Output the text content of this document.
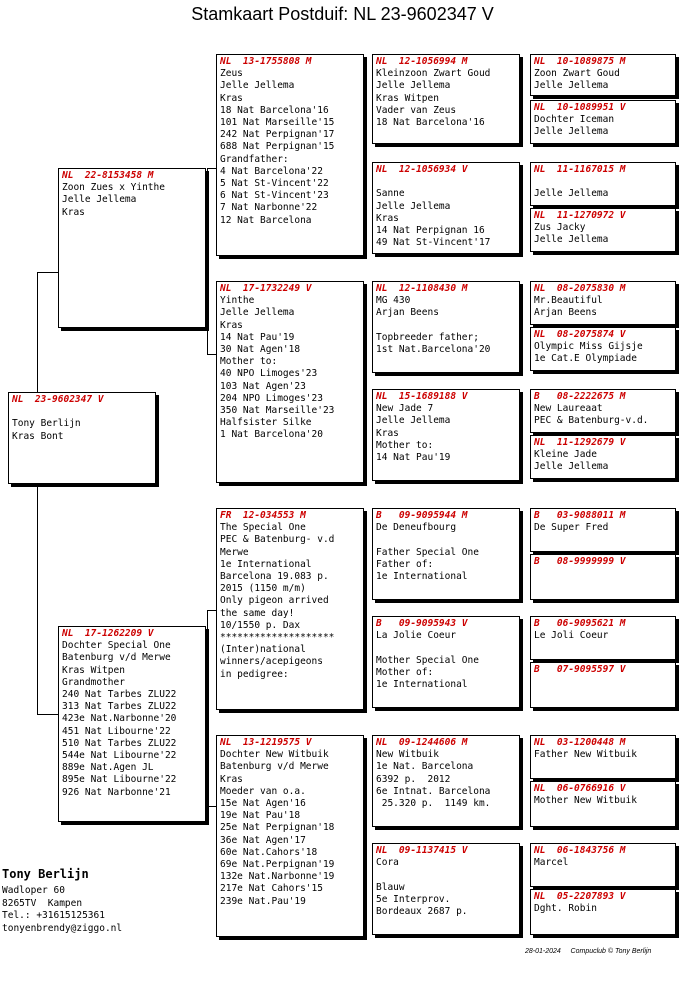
Stamkaart Postduif: NL 23-9602347 V
NL  23-9602347 V
Tony Berlijn
Kras Bont
NL  22-8153458 M
Zoon Zues x Yinthe
Jelle Jellema
Kras
NL  17-1262209 V
Dochter Special One
Batenburg v/d Merwe
Kras Witpen
Grandmother
240 Nat Tarbes ZLU22
313 Nat Tarbes ZLU22
423e Nat.Narbonne'20
451 Nat Libourne'22
510 Nat Tarbes ZLU22
544e Nat Libourne'22
889e Nat.Agen JL
895e Nat Libourne'22
926 Nat Narbonne'21
NL  13-1755808 M
Zeus
Jelle Jellema
Kras
18 Nat Barcelona'16
101 Nat Marseille'15
242 Nat Perpignan'17
688 Nat Perpignan'15
Grandfather:
4 Nat Barcelona'22
5 Nat St-Vincent'22
6 Nat St-Vincent'23
7 Nat Narbonne'22
12 Nat Barcelona
NL  17-1732249 V
Yinthe
Jelle Jellema
Kras
14 Nat Pau'19
30 Nat Agen'18
Mother to:
40 NPO Limoges'23
103 Nat Agen'23
204 NPO Limoges'23
350 Nat Marseille'23
Halfsister Silke
1 Nat Barcelona'20
FR  12-034553 M
The Special One
PEC & Batenburg- v.d
Merwe
1e International
Barcelona 19.083 p.
2015 (1150 m/m)
Only pigeon arrived
the same day!
10/1550 p. Dax
********************
(Inter)national
winners/acepigeons
in pedigree:
NL  13-1219575 V
Dochter New Witbuik
Batenburg v/d Merwe
Kras
Moeder van o.a.
15e Nat Agen'16
19e Nat Pau'18
25e Nat Perpignan'18
36e Nat Agen'17
60e Nat.Cahors'18
69e Nat.Perpignan'19
132e Nat.Narbonne'19
217e Nat Cahors'15
239e Nat.Pau'19
NL  12-1056994 M
Kleinzoon Zwart Goud
Jelle Jellema
Kras Witpen
Vader van Zeus
18 Nat Barcelona'16
NL  12-1056934 V
Sanne
Jelle Jellema
Kras
14 Nat Perpignan 16
49 Nat St-Vincent'17
NL  12-1108430 M
MG 430
Arjan Beens
Topbreeder father;
1st Nat.Barcelona'20
NL  15-1689188 V
New Jade 7
Jelle Jellema
Kras
Mother to:
14 Nat Pau'19
B   09-9095944 M
De Deneufbourg
Father Special One
Father of:
1e International
B   09-9095943 V
La Jolie Coeur
Mother Special One
Mother of:
1e International
NL  09-1244606 M
New Witbuik
1e Nat. Barcelona
6392 p.  2012
6e Intnat. Barcelona
25.320 p.  1149 km.
NL  09-1137415 V
Cora
Blauw
5e Interprov.
Bordeaux 2687 p.
NL  10-1089875 M
Zoon Zwart Goud
Jelle Jellema
NL  10-1089951 V
Dochter Iceman
Jelle Jellema
NL  11-1167015 M
Jelle Jellema
NL  11-1270972 V
Zus Jacky
Jelle Jellema
NL  08-2075830 M
Mr.Beautiful
Arjan Beens
NL  08-2075874 V
Olympic Miss Gijsje
1e Cat.E Olympiade
B   08-2222675 M
New Laureaat
PEC & Batenburg-v.d.
NL  11-1292679 V
Kleine Jade
Jelle Jellema
B   03-9088011 M
De Super Fred
B   08-9999999 V
B   06-9095621 M
Le Joli Coeur
B   07-9095597 V
NL  03-1200448 M
Father New Witbuik
NL  06-0766916 V
Mother New Witbuik
NL  06-1843756 M
Marcel
NL  05-2207893 V
Dght. Robin
Tony Berlijn
Wadloper 60
8265TV  Kampen
Tel.: +31615125361
tonyenbrendy@ziggo.nl
28-01-2024 Compuclub © Tony Berlijn
